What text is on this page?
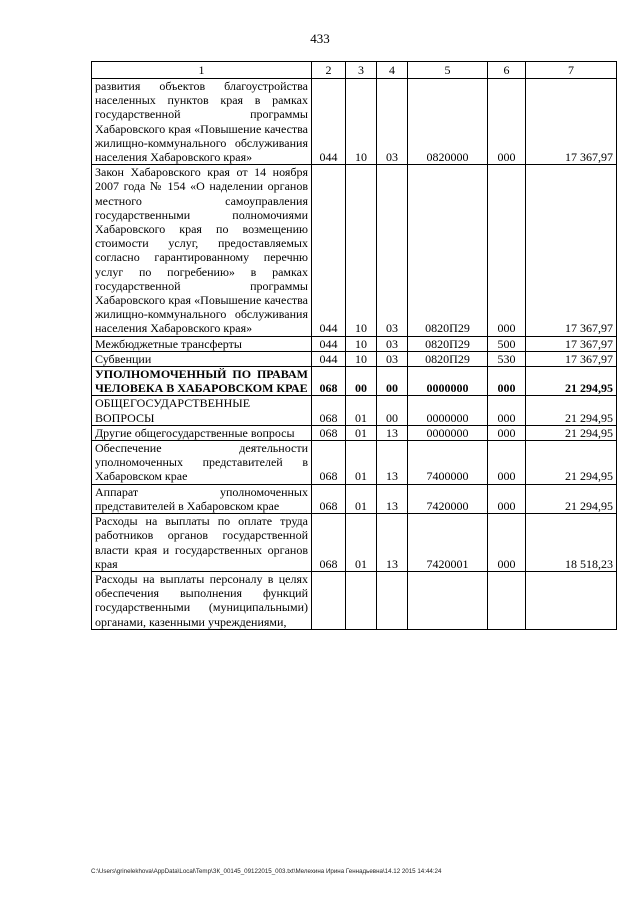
433
1	2	3	4	5	6	7
развития объектов благоустройства населенных пунктов края в рамках государственной программы Хабаровского края «Повышение качества жилищно-коммунального обслуживания населения Хабаровского края»	044	10	03	0820000	000	17 367,97
Закон Хабаровского края от 14 ноября 2007 года № 154 «О наделении органов местного самоуправления государственными полномочиями Хабаровского края по возмещению стоимости услуг, предоставляемых согласно гарантированному перечню услуг по погребению» в рамках государственной программы Хабаровского края «Повышение качества жилищно-коммунального обслуживания населения Хабаровского края»	044	10	03	0820П29	000	17 367,97
Межбюджетные трансферты	044	10	03	0820П29	500	17 367,97
Субвенции	044	10	03	0820П29	530	17 367,97
УПОЛНОМОЧЕННЫЙ ПО ПРАВАМ ЧЕЛОВЕКА В ХАБАРОВСКОМ КРАЕ	068	00	00	0000000	000	21 294,95
ОБЩЕГОСУДАРСТВЕННЫЕ ВОПРОСЫ	068	01	00	0000000	000	21 294,95
Другие общегосударственные вопросы	068	01	13	0000000	000	21 294,95
Обеспечение деятельности уполномоченных представителей в Хабаровском крае	068	01	13	7400000	000	21 294,95
Аппарат уполномоченных представителей в Хабаровском крае	068	01	13	7420000	000	21 294,95
Расходы на выплаты по оплате труда работников органов государственной власти края и государственных органов края	068	01	13	7420001	000	18 518,23
Расходы на выплаты персоналу в целях обеспечения выполнения функций государственными (муниципальными) органами, казенными учреждениями,						
C:\Users\grinelekhova\AppData\Local\Temp\ЗК_00145_09122015_003.txt\Мелехина Ирина Геннадьевна\14.12 2015 14:44:24
